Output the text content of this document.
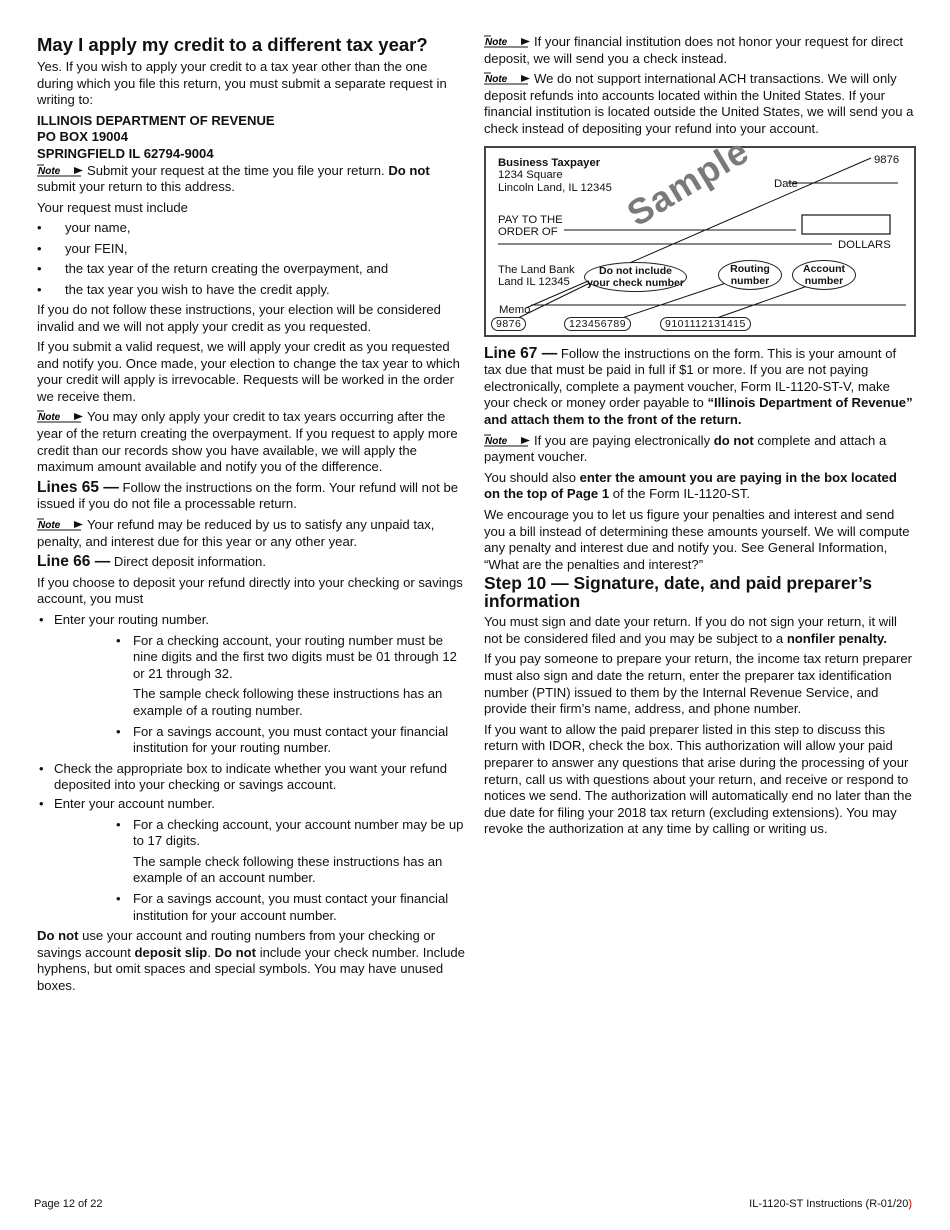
May I apply my credit to a different tax year?

Yes. If you wish to apply your credit to a tax year other than the one during which you file this return, you must submit a separate request in writing to:

ILLINOIS DEPARTMENT OF REVENUE
PO BOX 19004
SPRINGFIELD IL 62794-9004

Note Submit your request at the time you file your return. Do not submit your return to this address.

Your request must include

• your name,
• your FEIN,
• the tax year of the return creating the overpayment, and
• the tax year you wish to have the credit apply.

If you do not follow these instructions, your election will be considered invalid and we will not apply your credit as you requested.

If you submit a valid request, we will apply your credit as you requested and notify you. Once made, your election to change the tax year to which your credit will apply is irrevocable. Requests will be worked in the order we receive them.

Note You may only apply your credit to tax years occurring after the year of the return creating the overpayment. If you request to apply more credit than our records show you have available, we will apply the maximum amount available and notify you of the difference.

Lines 65 — Follow the instructions on the form. Your refund will not be issued if you do not file a processable return.

Note Your refund may be reduced by us to satisfy any unpaid tax, penalty, and interest due for this year or any other year.

Line 66 — Direct deposit information.

If you choose to deposit your refund directly into your checking or savings account, you must

• Enter your routing number.

• For a checking account, your routing number must be nine digits and the first two digits must be 01 through 12 or 21 through 32.

The sample check following these instructions has an example of a routing number.

• For a savings account, you must contact your financial institution for your routing number.
• Check the appropriate box to indicate whether you want your refund deposited into your checking or savings account.
• Enter your account number.

• For a checking account, your account number may be up to 17 digits.

The sample check following these instructions has an example of an account number.

• For a savings account, you must contact your financial institution for your account number.

Do not use your account and routing numbers from your checking or savings account deposit slip. Do not include your check number. Include hyphens, but omit spaces and special symbols. You may have unused boxes.

Note If your financial institution does not honor your request for direct deposit, we will send you a check instead.

Note We do not support international ACH transactions. We will only deposit refunds into accounts located within the United States. If your financial institution is located outside the United States, we will send you a check instead of depositing your refund into your account.

Business Taxpayer
1234 Square
Lincoln Land, IL 12345
9876
Date
PAY TO THE
ORDER OF
DOLLARS
The Land Bank
Land IL 12345
Memo
Sample
Do not include
your check number
Routing
number
Account
number
9876	123456789	9101112131415

Line 67 — Follow the instructions on the form. This is your amount of tax due that must be paid in full if $1 or more. If you are not paying electronically, complete a payment voucher, Form IL-1120-ST-V, make your check or money order payable to “Illinois Department of Revenue” and attach them to the front of the return.

Note If you are paying electronically do not complete and attach a payment voucher.

You should also enter the amount you are paying in the box located on the top of Page 1 of the Form IL-1120-ST.

We encourage you to let us figure your penalties and interest and send you a bill instead of determining these amounts yourself. We will compute any penalty and interest due and notify you. See General Information, “What are the penalties and interest?”

Step 10 — Signature, date, and paid preparer’s information

You must sign and date your return. If you do not sign your return, it will not be considered filed and you may be subject to a nonfiler penalty.

If you pay someone to prepare your return, the income tax return preparer must also sign and date the return, enter the preparer tax identification number (PTIN) issued to them by the Internal Revenue Service, and provide their firm’s name, address, and phone number.

If you want to allow the paid preparer listed in this step to discuss this return with IDOR, check the box. This authorization will allow your paid preparer to answer any questions that arise during the processing of your return, call us with questions about your return, and receive or respond to notices we send. The authorization will automatically end no later than the due date for filing your 2018 tax return (excluding extensions). You may revoke the authorization at any time by calling or writing us.

Page 12 of 22	IL-1120-ST Instructions (R-01/20)
